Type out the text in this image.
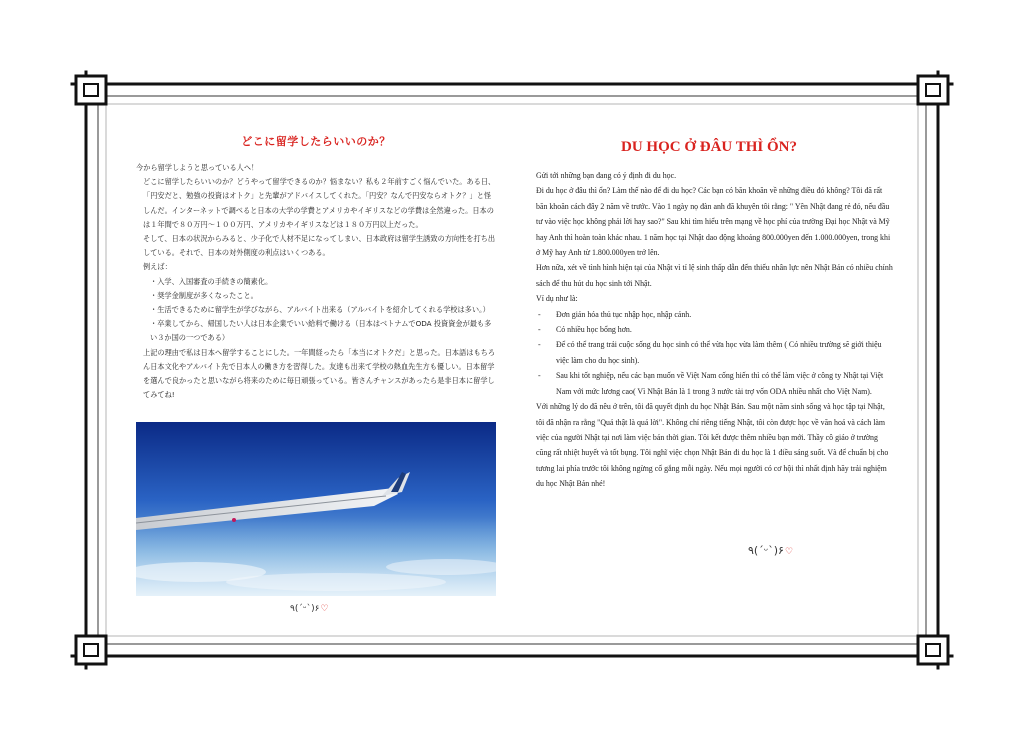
どこに留学したらいいのか？

今から留学しようと思っている人へ！

どこに留学したらいいのか？どうやって留学できるのか？悩まない？私も２年前すごく悩んでいた。ある日、「円安だと、勉強の投資はオトク」と先輩がアドバイスしてくれた。「円安？なんで円安ならオトク？」と怪しんだ。インターネットで調べると日本の大学の学費とアメリカやイギリスなどの学費は全然違った。日本のは１年間で８０万円～１００万円、アメリカやイギリスなどは１８０万円以上だった。

そして、日本の状況からみると、少子化で人材不足になってしまい、日本政府は留学生誘致の方向性を打ち出している。それで、日本の対外側度の利点はいくつある。

例えば：

・入学、入国審査の手続きの簡素化。

・奨学金制度が多くなったこと。

・生活できるために留学生が学びながら、アルバイト出来る（アルバイトを紹介してくれる学校は多い。）

・卒業してから、帰国したい人は日本企業でいい給料で働ける（日本はベトナムでODA 投資資金が最も多い３か国の一つである）

上記の理由で私は日本へ留学することにした。一年間経ったら「本当にオトクだ」と思った。日本語はもちろん日本文化やアルバイト先で日本人の働き方を習得した。友達も出来て学校の熱血先生方も優しい。日本留学を選んで良かったと思いながら将来のために毎日頑張っている。皆さんチャンスがあったら是非日本に留学してみてね!

٩(ˊᵕˋ)۶♡
DU HỌC Ở ĐÂU THÌ ỔN?

Gửi tới những bạn đang có ý định đi du học.

Đi du học ở đâu thì ổn? Làm thế nào để đi du học? Các bạn có băn khoăn về những điều đó không? Tôi đã rất băn khoăn cách đây 2 năm về trước. Vào 1 ngày nọ đàn anh đã khuyên tôi rằng: " Yên Nhật đang rẻ đó, nếu đầu tư vào việc học không phải lời hay sao?" Sau khi tìm hiểu trên mạng về học phí của trường Đại học Nhật và Mỹ hay Anh thì hoàn toàn khác nhau. 1 năm học tại Nhật dao động khoảng 800.000yen đến 1.000.000yen, trong khi ở Mỹ hay Anh từ 1.800.000yen trở lên.

Hơn nữa, xét về tình hình hiện tại của Nhật vì tỉ lệ sinh thấp dẫn đến thiếu nhân lực nên Nhật Bản có nhiều chính sách để thu hút du học sinh tới Nhật.

Ví dụ như là:

- Đơn giản hóa thủ tục nhập học, nhập cảnh.
- Có nhiều học bổng hơn.
- Để có thể trang trải cuộc sống du học sinh có thể vừa học vừa làm thêm ( Có nhiều trường sẽ giới thiệu việc làm cho du học sinh).
- Sau khi tốt nghiệp, nếu các bạn muốn về Việt Nam cống hiến thì có thể làm việc ở công ty Nhật tại Việt Nam với mức lương cao( Vì Nhật Bản là 1 trong 3 nước tài trợ vốn ODA nhiều nhất cho Việt Nam).

Với những lý do đã nêu ở trên, tôi đã quyết định du học Nhật Bản. Sau một năm sinh sống và học tập tại Nhật, tôi đã nhận ra rằng "Quả thật là quá lời". Không chỉ riêng tiếng Nhật, tôi còn được học về văn hoá và cách làm việc của người Nhật tại nơi làm việc bán thời gian. Tôi kết được thêm nhiều bạn mới. Thầy cô giáo ở trường cũng rất nhiệt huyết và tốt bụng. Tôi nghĩ việc chọn Nhật Bản đi du học là 1 điều sáng suốt. Và để chuẩn bị cho tương lai phía trước tôi không ngừng cố gắng mỗi ngày. Nếu mọi người có cơ hội thì nhất định hãy trải nghiệm du học Nhật Bản nhé!

٩(ˊᵕˋ)۶♡
